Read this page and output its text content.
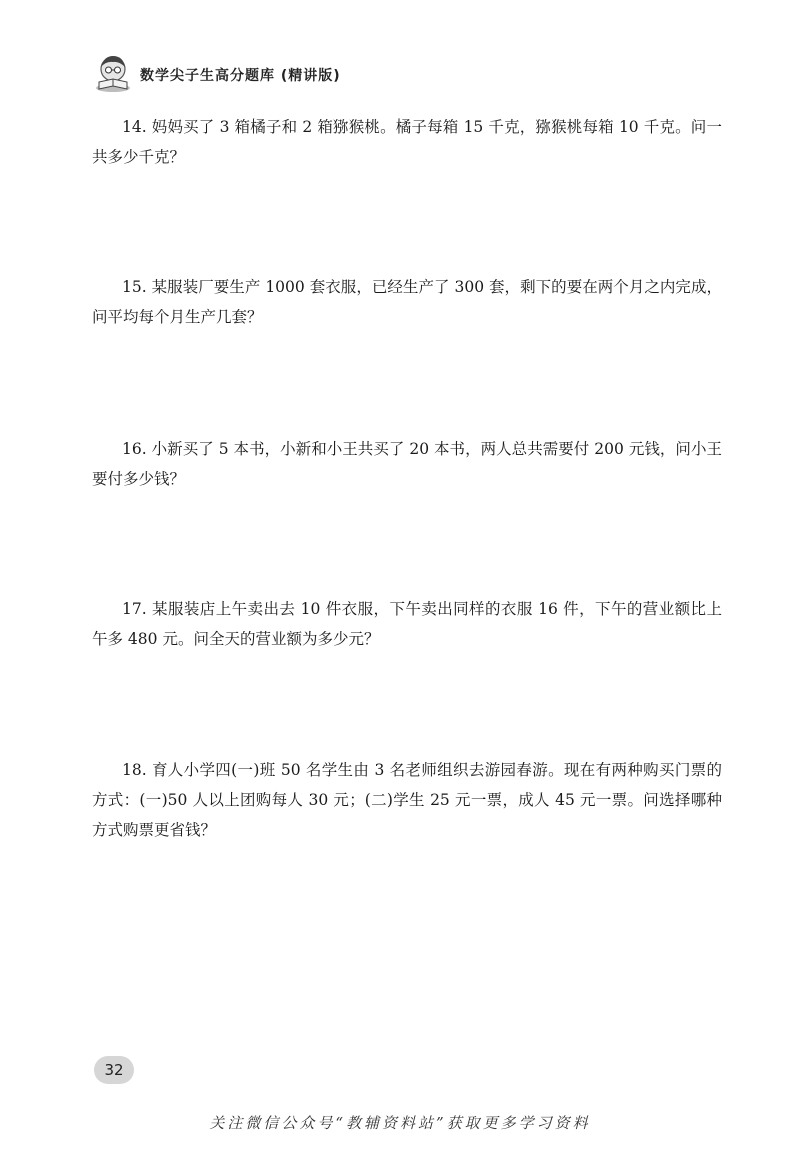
数学尖子生高分题库 (精讲版)
14. 妈妈买了 3 箱橘子和 2 箱猕猴桃。橘子每箱 15 千克，猕猴桃每箱 10 千克。问一共多少千克？
15. 某服装厂要生产 1000 套衣服，已经生产了 300 套，剩下的要在两个月之内完成，问平均每个月生产几套？
16. 小新买了 5 本书，小新和小王共买了 20 本书，两人总共需要付 200 元钱，问小王要付多少钱？
17. 某服装店上午卖出去 10 件衣服，下午卖出同样的衣服 16 件，下午的营业额比上午多 480 元。问全天的营业额为多少元？
18. 育人小学四(一)班 50 名学生由 3 名老师组织去游园春游。现在有两种购买门票的方式：(一)50 人以上团购每人 30 元；(二)学生 25 元一票，成人 45 元一票。问选择哪种方式购票更省钱？
32
关注微信公众号“教辅资料站”获取更多学习资料
